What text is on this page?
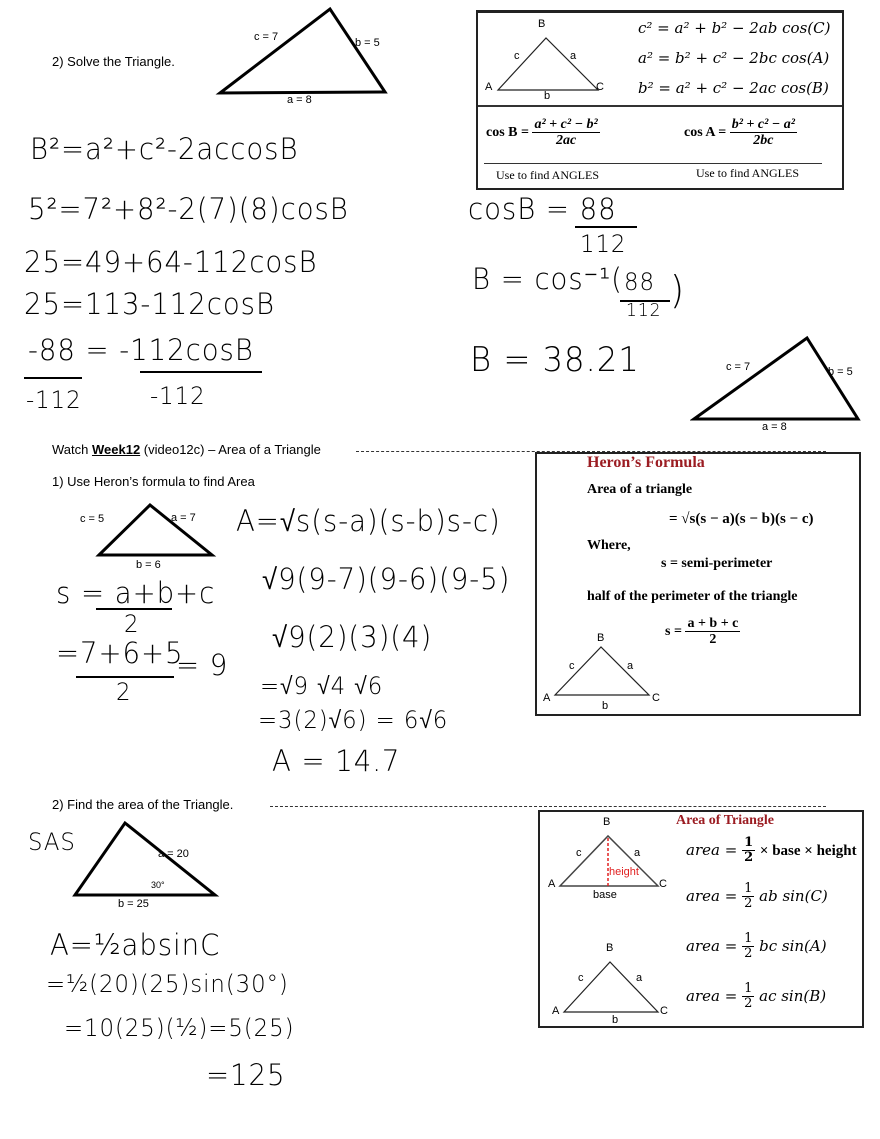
2) Solve the Triangle.
c = 7	b = 5
a = 8
B²=a²+c²-2accosB
5²=7²+8²-2(7)(8)cosB
25=49+64-112cosB
25=113-112cosB
-88 = -112cosB
-112	-112
cosB = 88
112
B = cos⁻¹( 88
112 )
B = 38.21	c = 7	b = 5
a = 8
B
A	C
c	a
b
c² = a² + b² − 2ab cos(C)
a² = b² + c² − 2bc cos(A)
b² = a² + c² − 2ac cos(B)
$\cos B = \frac{\text{a² + c² − b²}}{2ac}$	$\cos A = \frac{\text{b² + c² − a²}}{2bc}$
Use to find ANGLES	Use to find ANGLES
Watch Week12 (video12c) – Area of a Triangle
1) Use Heron’s formula to find Area
c = 5	a = 7
b = 6
s = a+b+c
2
=7+6+5
2
= 9
A=√s(s-a)(s-b)s-c)
√9(9-7)(9-6)(9-5)
√9(2)(3)(4)
=√9 √4 √6
=3(2)√6) = 6√6
A = 14.7
Heron’s Formula
Area of a triangle
= √s(s − a)(s − b)(s − c)
Where,
s = semi-perimeter
half of the perimeter of the triangle
$s = \frac{a + b + c}{2}$
B
A	C
c	a
b
2) Find the area of the Triangle.
SAS	a = 20
30°
b = 25
A=½absinC
=½(20)(25)sin(30°)
=10(25)(½)=5(25)
=125
Area of Triangle
B
A	C
c	a
height
base
B
A	C
c	a
b
area = $\frac{1}{2}$ × base × height
area = $\frac{1}{2}$ ab sin(C)
area = $\frac{1}{2}$ bc sin(A)
area = $\frac{1}{2}$ ac sin(B)
